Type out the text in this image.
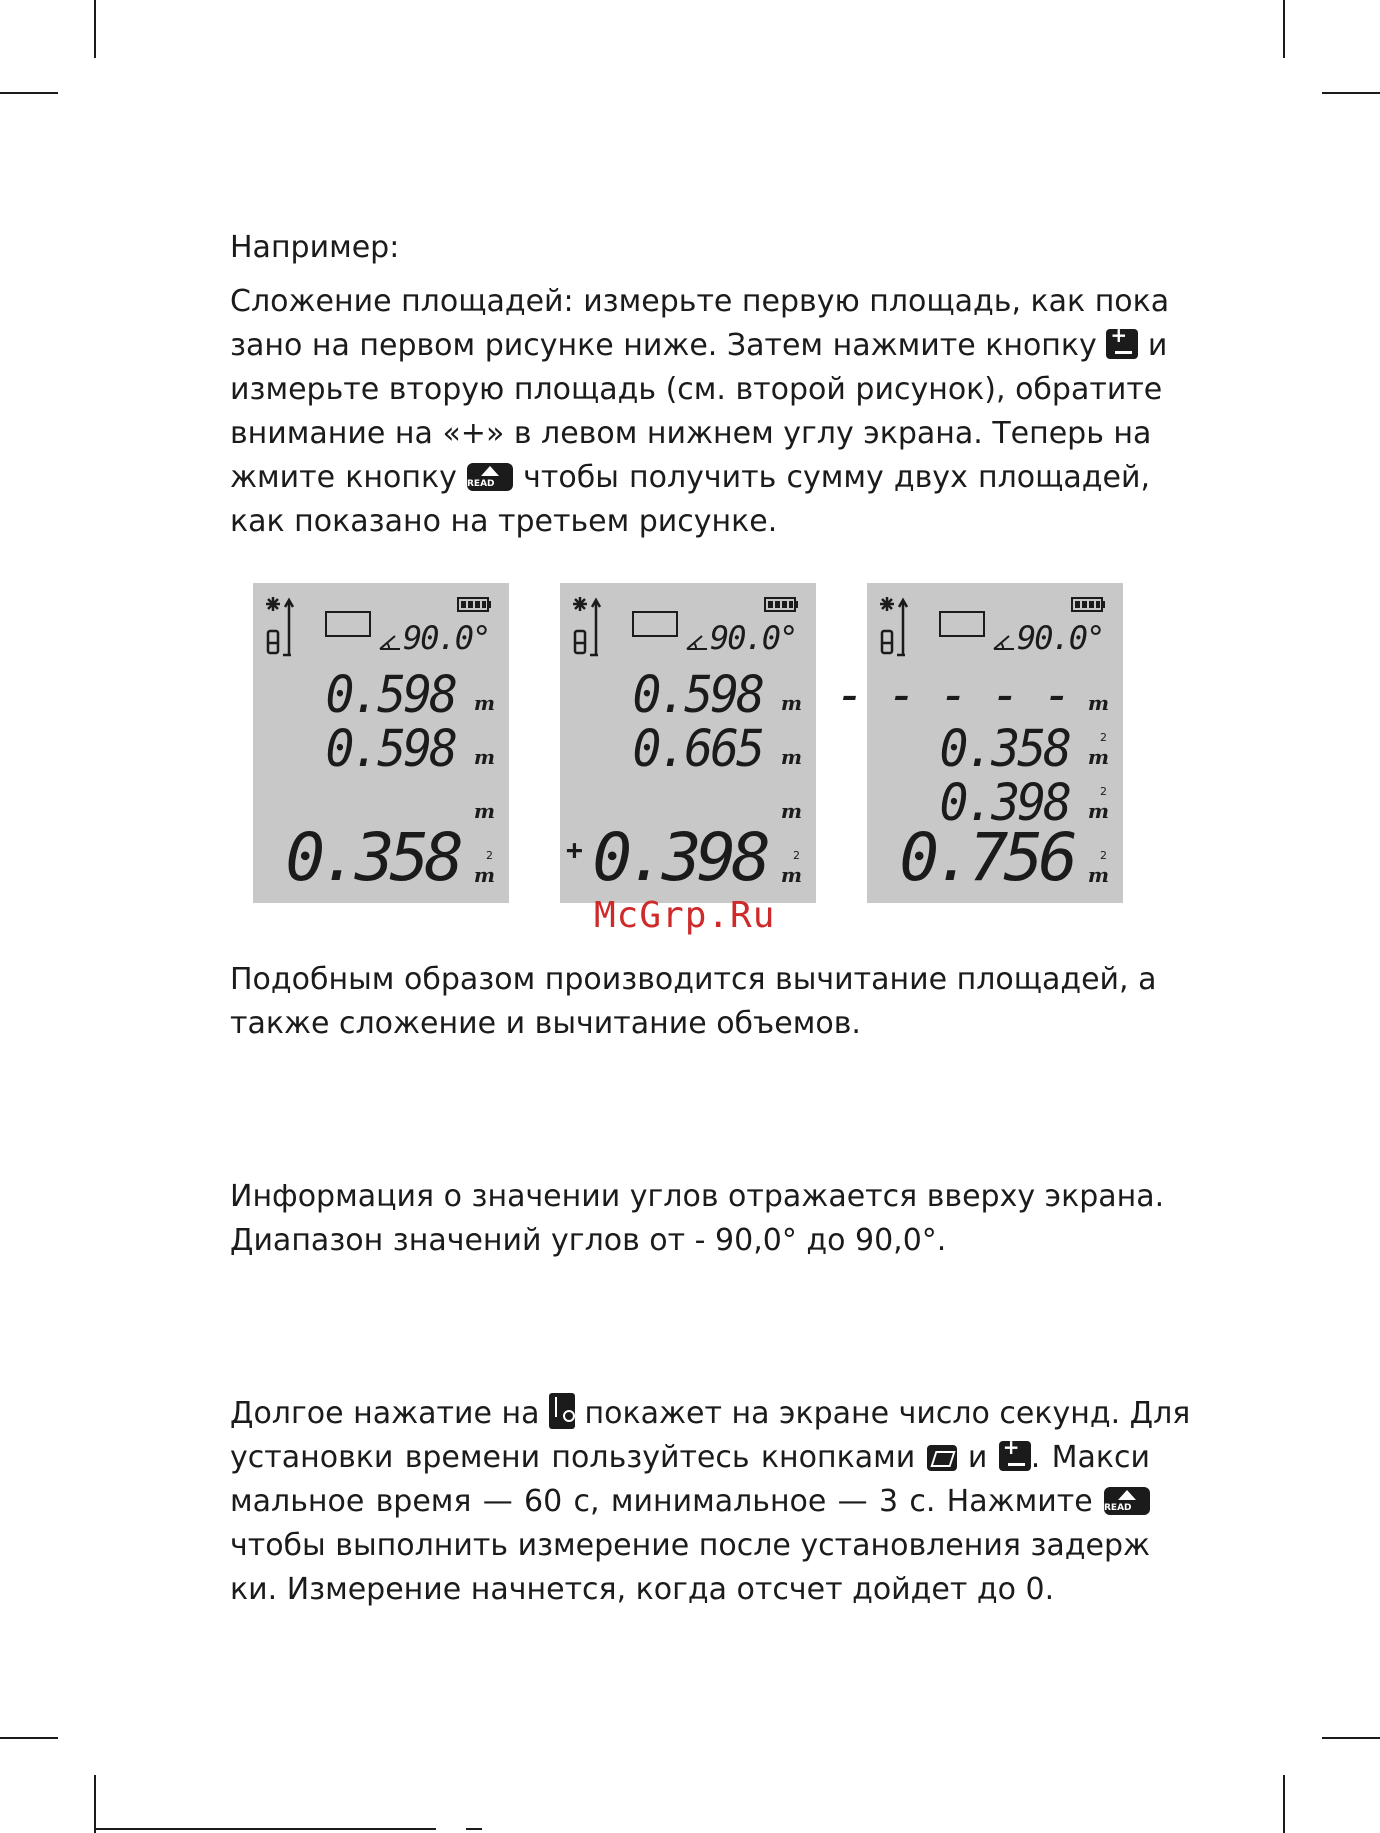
Например:

Сложение площадей: измерьте первую площадь, как пока
зано на первом рисунке ниже. Затем нажмите кнопку + и
измерьте вторую площадь (см. второй рисунок), обратите
внимание на «+» в левом нижнем углу экрана. Теперь на
жмите кнопку READ чтобы получить сумму двух площадей,
как показано на третьем рисунке.

90.0°
0.598 m
0.598 m
m
0.358 m
2
90.0°
0.598 m
0.665 m
m
+ 0.398 m
2
90.0°
- - - - - m
0.358 m
2
0.398 m
2
0.756 m
2
McGrp.Ru

Подобным образом производится вычитание площадей, а
также сложение и вычитание объемов.

Информация о значении углов отражается вверху экрана.
Диапазон значений углов от - 90,0° до 90,0°.

Долгое нажатие на  покажет на экране число секунд. Для
установки времени пользуйтесь кнопками  и +. Макси
мальное время — 60 с, минимальное — 3 с. Нажмите READ
чтобы выполнить измерение после установления задерж
ки. Измерение начнется, когда отсчет дойдет до 0.
